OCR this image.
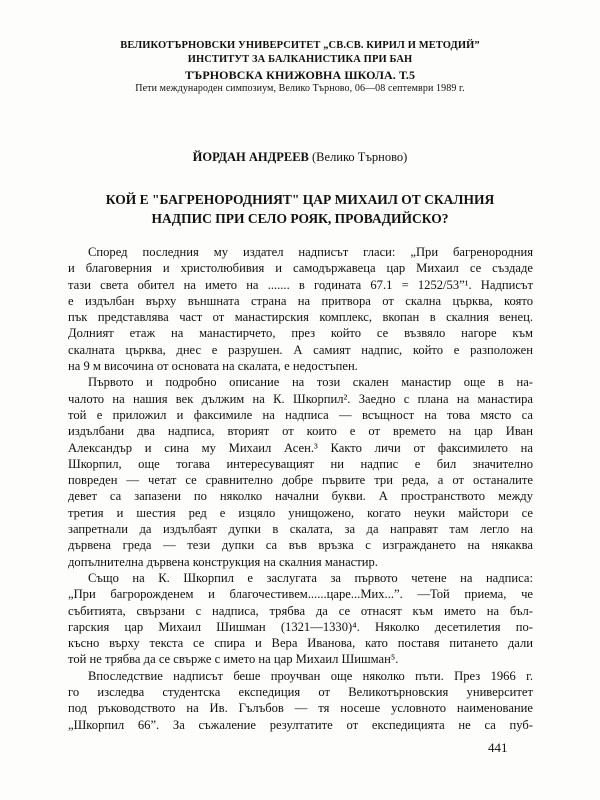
ВЕЛИКОТЪРНОВСКИ УНИВЕРСИТЕТ „СВ.СВ. КИРИЛ И МЕТОДИЙ”
ИНСТИТУТ ЗА БАЛКАНИСТИКА ПРИ БАН
ТЪРНОВСКА КНИЖОВНА ШКОЛА. Т.5
Пети международен симпозиум, Велико Търново, 06—08 септември 1989 г.
ЙОРДАН АНДРЕЕВ (Велико Търново)
КОЙ Е "БАГРЕНОРОДНИЯТ" ЦАР МИХАИЛ ОТ СКАЛНИЯ
НАДПИС ПРИ СЕЛО РОЯК, ПРОВАДИЙСКО?
Според последния му издател надписът гласи: „При багренородния
и благоверния и христолюбивия и самодържавеца цар Михаил се създаде
тази света обител на името на ....... в годината 67.1 = 1252/53”¹. Надписът
е издълбан върху външната страна на притвора от скална църква, която
пък представлява част от манастирския комплекс, вкопан в скалния венец.
Долният етаж на манастирчето, през който се възвяло нагоре към
скалната църква, днес е разрушен. А самият надпис, който е разположен
на 9 м височина от основата на скалата, е недостъпен.
Първото и подробно описание на този скален манастир още в на-
чалото на нашия век дължим на К. Шкорпил². Заедно с плана на манастира
той е приложил и факсимиле на надписа — всъщност на това място са
издълбани два надписа, вторият от които е от времето на цар Иван
Александър и сина му Михаил Асен.³ Както личи от факсимилето на
Шкорпил, още тогава интересуващият ни надпис е бил значително
повреден — четат се сравнително добре първите три реда, а от останалите
девет са запазени по няколко начални букви. А пространството между
третия и шестия ред е изцяло унищожено, когато неуки майстори се
запретнали да издълбаят дупки в скалата, за да направят там легло на
дървена греда — тези дупки са във връзка с изграждането на някаква
допълнителна дървена конструкция на скалния манастир.
Също на К. Шкорпил е заслугата за първото четене на надписа:
„При багророжденем и благочестивем......царе...Мих...”. —Той приема, че
събитията, свързани с надписа, трябва да се отнасят към името на бъл-
гарския цар Михаил Шишман (1321—1330)⁴. Няколко десетилетия по-
късно върху текста се спира и Вера Иванова, като поставя питането дали
той не трябва да се свърже с името на цар Михаил Шишман⁵.
Впоследствие надписът беше проучван още няколко пъти. През 1966 г.
го изследва студентска експедиция от Великотърновския университет
под ръководството на Ив. Гълъбов — тя носеше условното наименование
„Шкорпил 66”. За съжаление резултатите от експедицията не са пуб-
441
